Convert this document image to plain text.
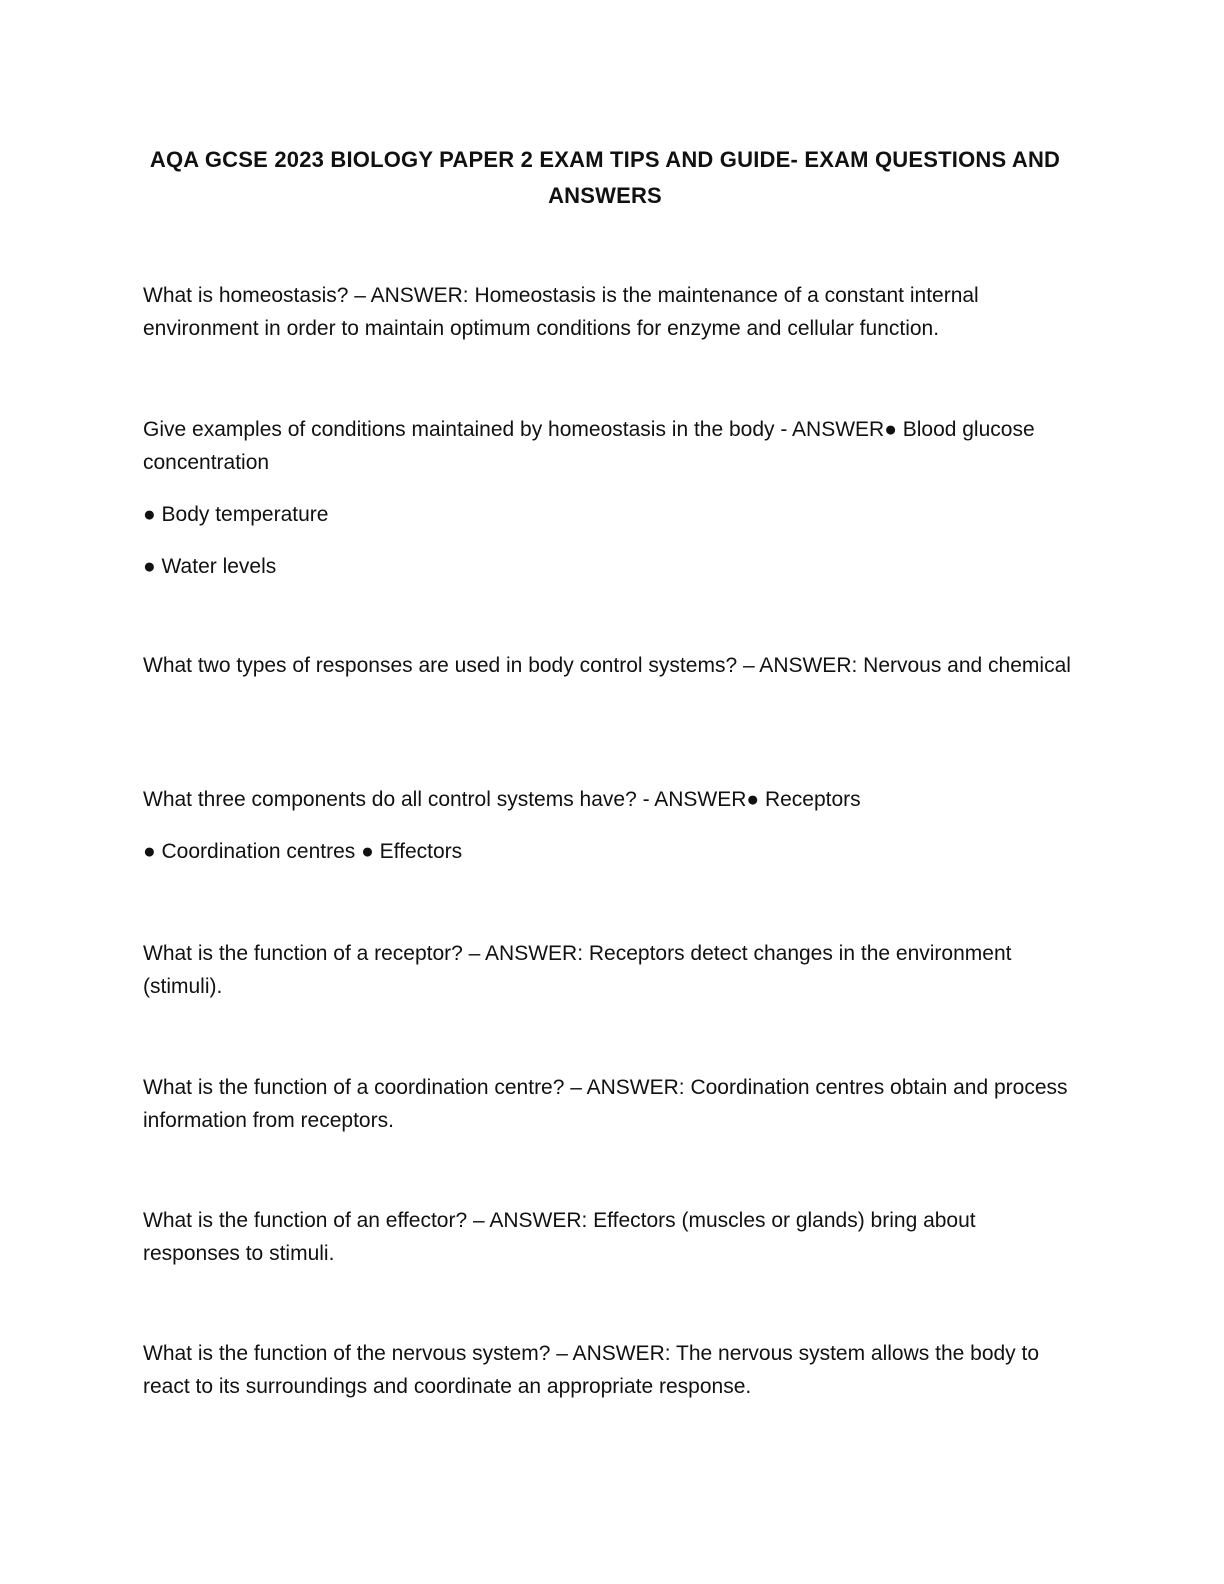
AQA GCSE 2023 BIOLOGY PAPER 2 EXAM TIPS AND GUIDE- EXAM QUESTIONS AND ANSWERS

What is homeostasis? – ANSWER: Homeostasis is the maintenance of a constant internal environment in order to maintain optimum conditions for enzyme and cellular function.

Give examples of conditions maintained by homeostasis in the body - ANSWER● Blood glucose concentration

● Body temperature
● Water levels

What two types of responses are used in body control systems? – ANSWER: Nervous and chemical

What three components do all control systems have? - ANSWER● Receptors

● Coordination centres ● Effectors

What is the function of a receptor? – ANSWER: Receptors detect changes in the environment (stimuli).

What is the function of a coordination centre? – ANSWER: Coordination centres obtain and process information from receptors.

What is the function of an effector? – ANSWER: Effectors (muscles or glands) bring about responses to stimuli.

What is the function of the nervous system? – ANSWER: The nervous system allows the body to react to its surroundings and coordinate an appropriate response.
